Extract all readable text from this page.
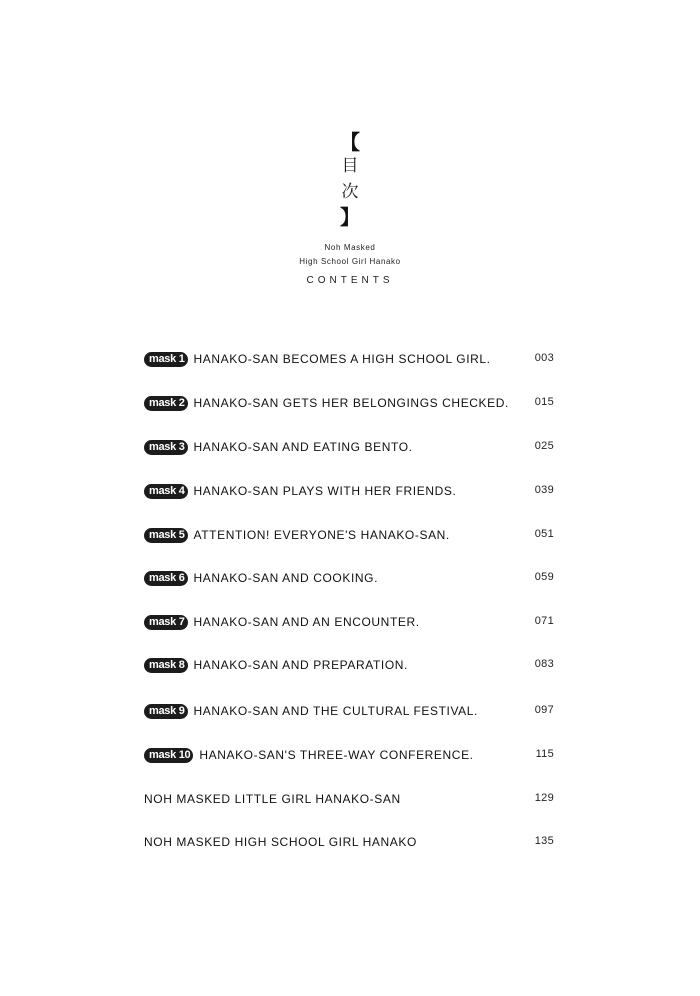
【
目
次
】
Noh Masked
High School Girl Hanako
CONTENTS
mask 1 HANAKO-SAN BECOMES A HIGH SCHOOL GIRL.	003
mask 2 HANAKO-SAN GETS HER BELONGINGS CHECKED. 015
mask 3 HANAKO-SAN AND EATING BENTO.	025
mask 4 HANAKO-SAN PLAYS WITH HER FRIENDS.	039
mask 5 ATTENTION! EVERYONE'S HANAKO-SAN.	051
mask 6 HANAKO-SAN AND COOKING.	059
mask 7 HANAKO-SAN AND AN ENCOUNTER.	071
mask 8 HANAKO-SAN AND PREPARATION.	083
mask 9 HANAKO-SAN AND THE CULTURAL FESTIVAL.	097
mask 10 HANAKO-SAN'S THREE-WAY CONFERENCE.	115
NOH MASKED LITTLE GIRL HANAKO-SAN	129
NOH MASKED HIGH SCHOOL GIRL HANAKO	135
